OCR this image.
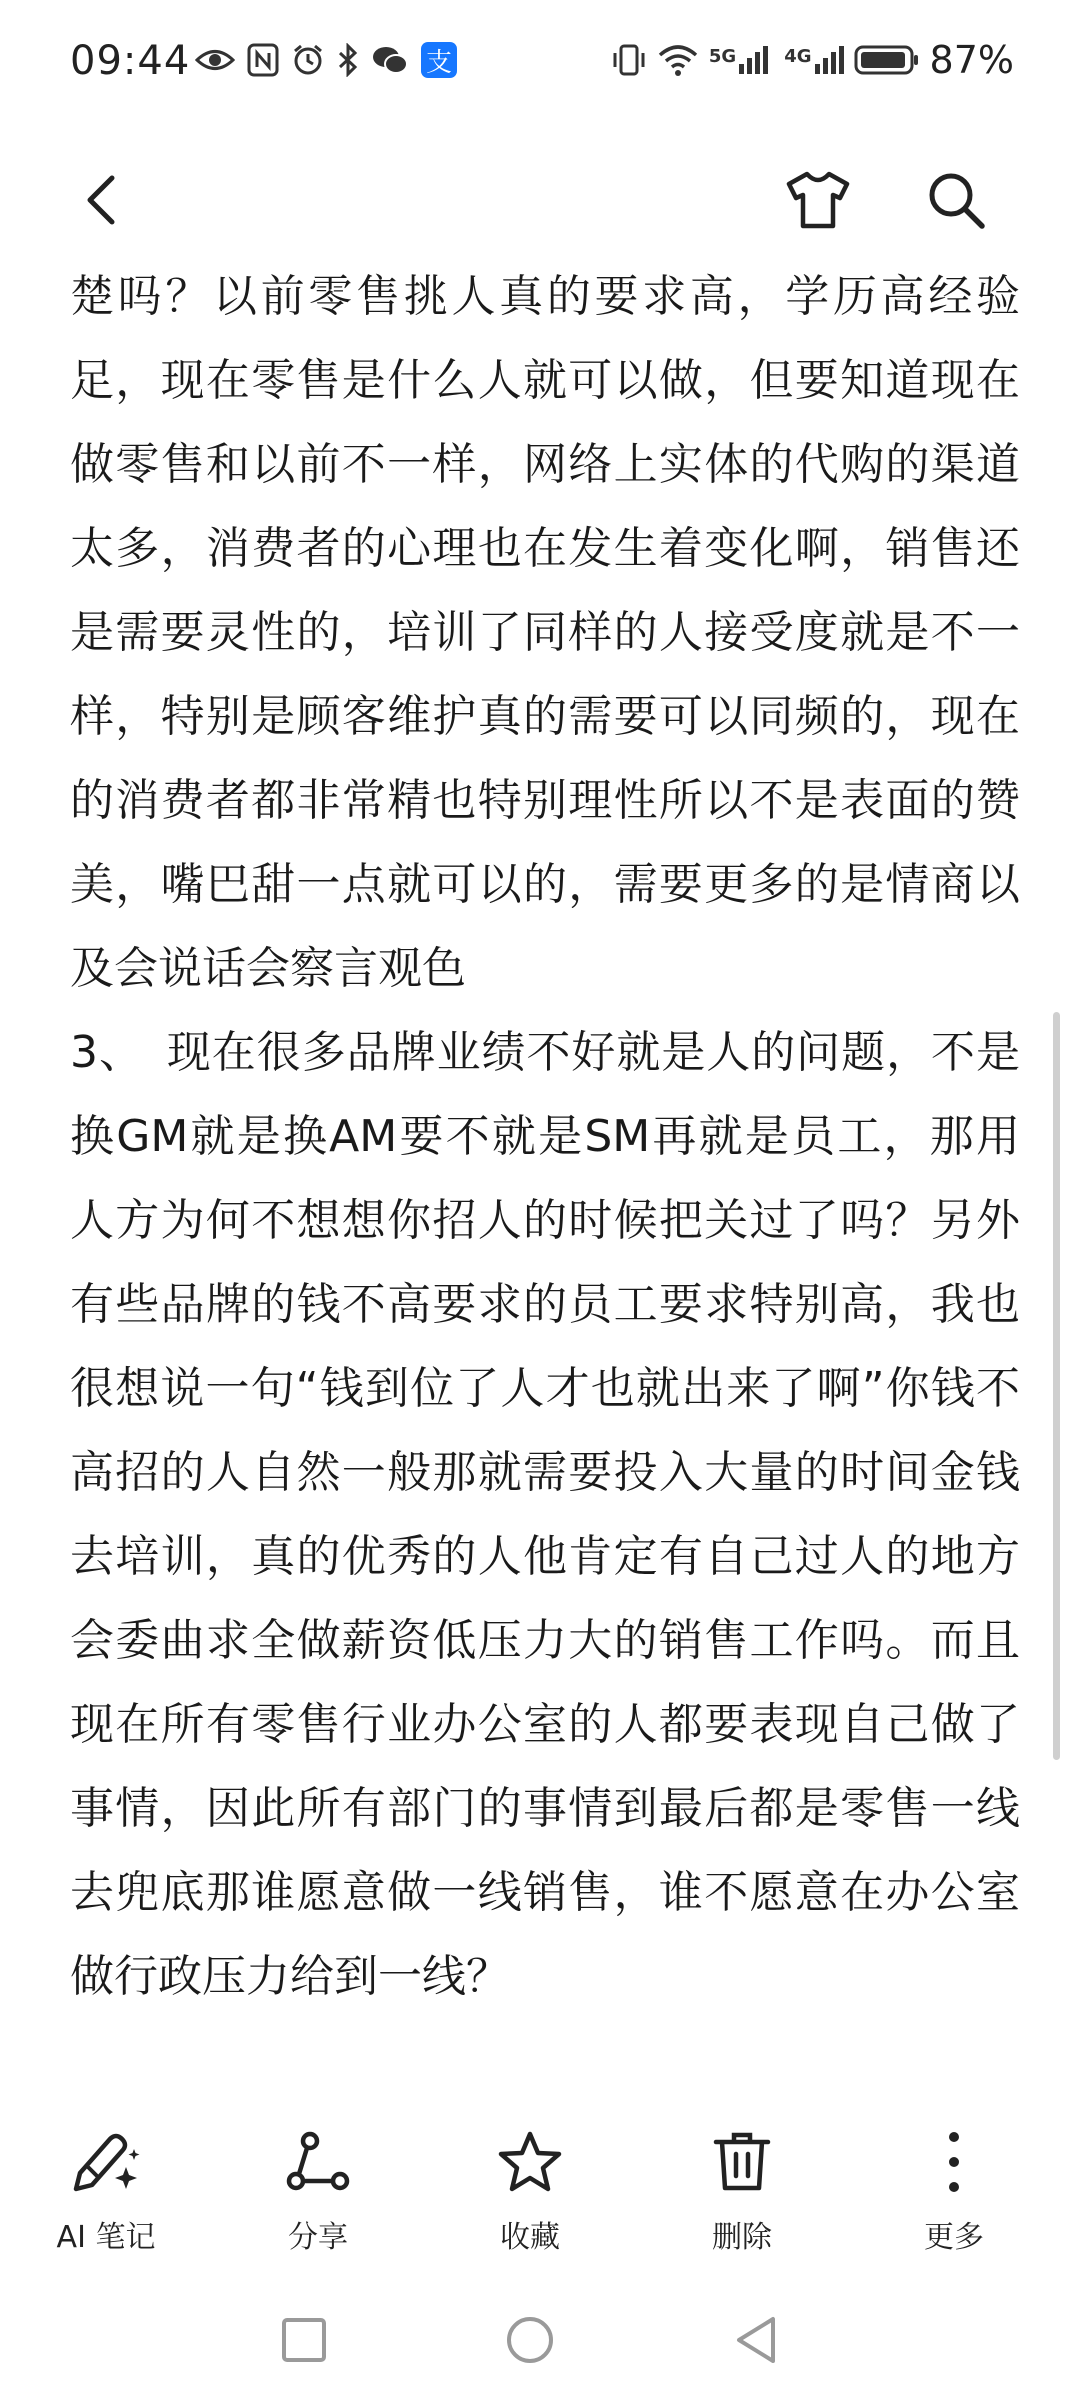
09:44	支	5G	4G	87%

楚吗？以前零售挑人真的要求高，学历高经验足，现在零售是什么人就可以做，但要知道现在做零售和以前不一样，网络上实体的代购的渠道太多，消费者的心理也在发生着变化啊，销售还是需要灵性的，培训了同样的人接受度就是不一样，特别是顾客维护真的需要可以同频的，现在的消费者都非常精也特别理性所以不是表面的赞美，嘴巴甜一点就可以的，需要更多的是情商以及会说话会察言观色

3、　现在很多品牌业绩不好就是人的问题，不是换GM就是换AM要不就是SM再就是员工，那用人方为何不想想你招人的时候把关过了吗？另外有些品牌的钱不高要求的员工要求特别高，我也很想说一句“钱到位了人才也就出来了啊”你钱不高招的人自然一般那就需要投入大量的时间金钱去培训，真的优秀的人他肯定有自己过人的地方会委曲求全做薪资低压力大的销售工作吗。而且现在所有零售行业办公室的人都要表现自己做了事情，因此所有部门的事情到最后都是零售一线去兜底那谁愿意做一线销售，谁不愿意在办公室做行政压力给到一线？

AI 笔记	分享	收藏	删除	更多
